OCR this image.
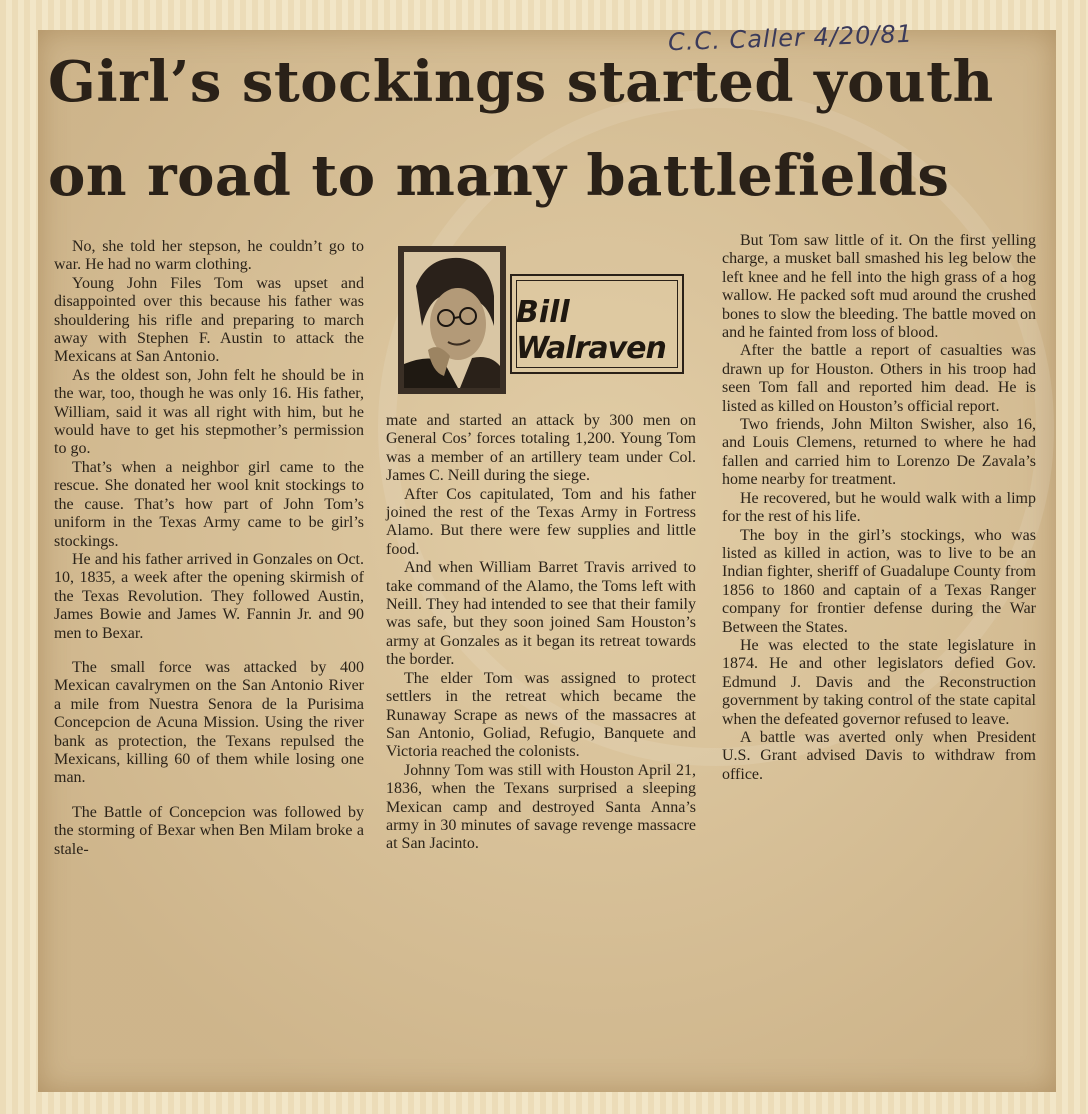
C.C. Caller 4/20/81
Girl’s stockings started youth
on road to many battlefields

No, she told her stepson, he couldn’t go to war. He had no warm clothing.

Young John Files Tom was upset and disappointed over this because his father was shouldering his rifle and preparing to march away with Stephen F. Austin to attack the Mexicans at San Antonio.

As the oldest son, John felt he should be in the war, too, though he was only 16. His father, William, said it was all right with him, but he would have to get his stepmother’s permission to go.

That’s when a neighbor girl came to the rescue. She donated her wool knit stockings to the cause. That’s how part of John Tom’s uniform in the Texas Army came to be girl’s stockings.

He and his father arrived in Gonzales on Oct. 10, 1835, a week after the opening skirmish of the Texas Revolution. They followed Austin, James Bowie and James W. Fannin Jr. and 90 men to Bexar.

The small force was attacked by 400 Mexican cavalrymen on the San Antonio River a mile from Nuestra Senora de la Purisima Concepcion de Acuna Mission. Using the river bank as protection, the Texans repulsed the Mexicans, killing 60 of them while losing one man.

The Battle of Concepcion was followed by the storming of Bexar when Ben Milam broke a stale-

Bill
Walraven

mate and started an attack by 300 men on General Cos’ forces totaling 1,200. Young Tom was a member of an artillery team under Col. James C. Neill during the siege.

After Cos capitulated, Tom and his father joined the rest of the Texas Army in Fortress Alamo. But there were few supplies and little food.

And when William Barret Travis arrived to take command of the Alamo, the Toms left with Neill. They had intended to see that their family was safe, but they soon joined Sam Houston’s army at Gonzales as it began its retreat towards the border.

The elder Tom was assigned to protect settlers in the retreat which became the Runaway Scrape as news of the massacres at San Antonio, Goliad, Refugio, Banquete and Victoria reached the colonists.

Johnny Tom was still with Houston April 21, 1836, when the Texans surprised a sleeping Mexican camp and destroyed Santa Anna’s army in 30 minutes of savage revenge massacre at San Jacinto.

But Tom saw little of it. On the first yelling charge, a musket ball smashed his leg below the left knee and he fell into the high grass of a hog wallow. He packed soft mud around the crushed bones to slow the bleeding. The battle moved on and he fainted from loss of blood.

After the battle a report of casualties was drawn up for Houston. Others in his troop had seen Tom fall and reported him dead. He is listed as killed on Houston’s official report.

Two friends, John Milton Swisher, also 16, and Louis Clemens, returned to where he had fallen and carried him to Lorenzo De Zavala’s home nearby for treatment.

He recovered, but he would walk with a limp for the rest of his life.

The boy in the girl’s stockings, who was listed as killed in action, was to live to be an Indian fighter, sheriff of Guadalupe County from 1856 to 1860 and captain of a Texas Ranger company for frontier defense during the War Between the States.

He was elected to the state legislature in 1874. He and other legislators defied Gov. Edmund J. Davis and the Reconstruction government by taking control of the state capital when the defeated governor refused to leave.

A battle was averted only when President U.S. Grant advised Davis to withdraw from office.
